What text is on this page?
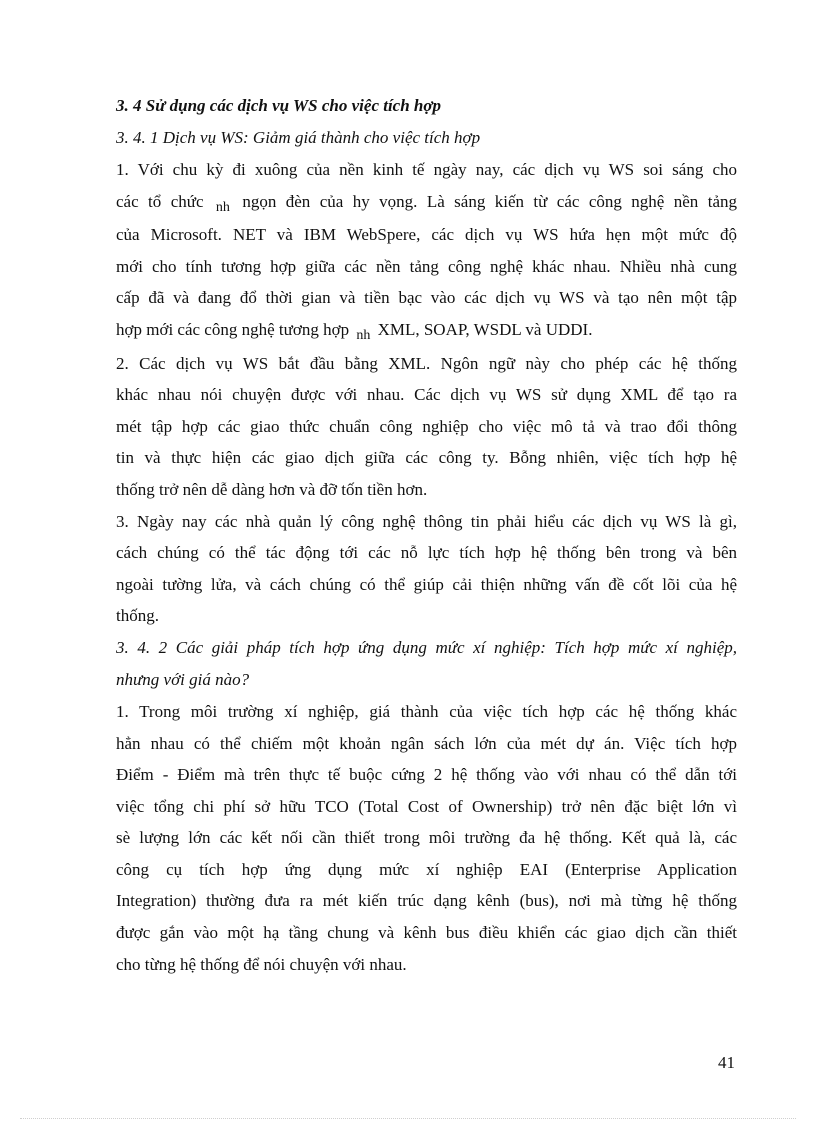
3. 4 Sử dụng các dịch vụ WS cho việc tích hợp
3. 4. 1 Dịch vụ WS: Giảm giá thành cho việc tích hợp
1. Với chu kỳ đi xuông của nền kinh tế ngày nay, các dịch vụ WS soi sáng cho
các tổ chức nh ngọn đèn của hy vọng. Là sáng kiến từ các công nghệ nền tảng
của Microsoft. NET và IBM WebSpere, các dịch vụ WS hứa hẹn một mức độ
mới cho tính tương hợp giữa các nền tảng công nghệ khác nhau. Nhiều nhà cung
cấp đã và đang đổ thời gian và tiền bạc vào các dịch vụ WS và tạo nên một tập
hợp mới các công nghệ tương hợp nh XML, SOAP, WSDL và UDDI.
2. Các dịch vụ WS bắt đầu bằng XML. Ngôn ngữ này cho phép các hệ thống
khác nhau nói chuyện được với nhau. Các dịch vụ WS sử dụng XML để tạo ra
mét tập hợp các giao thức chuẩn công nghiệp cho việc mô tả và trao đổi thông
tin và thực hiện các giao dịch giữa các công ty. Bỗng nhiên, việc tích hợp hệ
thống trở nên dễ dàng hơn và đỡ tốn tiền hơn.
3. Ngày nay các nhà quản lý công nghệ thông tin phải hiểu các dịch vụ WS là gì,
cách chúng có thể tác động tới các nỗ lực tích hợp hệ thống bên trong và bên
ngoài tường lửa, và cách chúng có thể giúp cải thiện những vấn đề cốt lõi của hệ
thống.
3. 4. 2 Các giải pháp tích hợp ứng dụng mức xí nghiệp: Tích hợp mức xí nghiệp,
nhưng với giá nào?
1. Trong môi trường xí nghiệp, giá thành của việc tích hợp các hệ thống khác
hẳn nhau có thể chiếm một khoản ngân sách lớn của mét dự án. Việc tích hợp
Điểm - Điểm mà trên thực tế buộc cứng 2 hệ thống vào với nhau có thể dẫn tới
việc tổng chi phí sở hữu TCO (Total Cost of Ownership) trở nên đặc biệt lớn vì
sè lượng lớn các kết nối cần thiết trong môi trường đa hệ thống. Kết quả là, các
công cụ tích hợp ứng dụng mức xí nghiệp EAI (Enterprise Application
Integration) thường đưa ra mét kiến trúc dạng kênh (bus), nơi mà từng hệ thống
được gắn vào một hạ tầng chung và kênh bus điều khiển các giao dịch cần thiết
cho từng hệ thống để nói chuyện với nhau.
41
